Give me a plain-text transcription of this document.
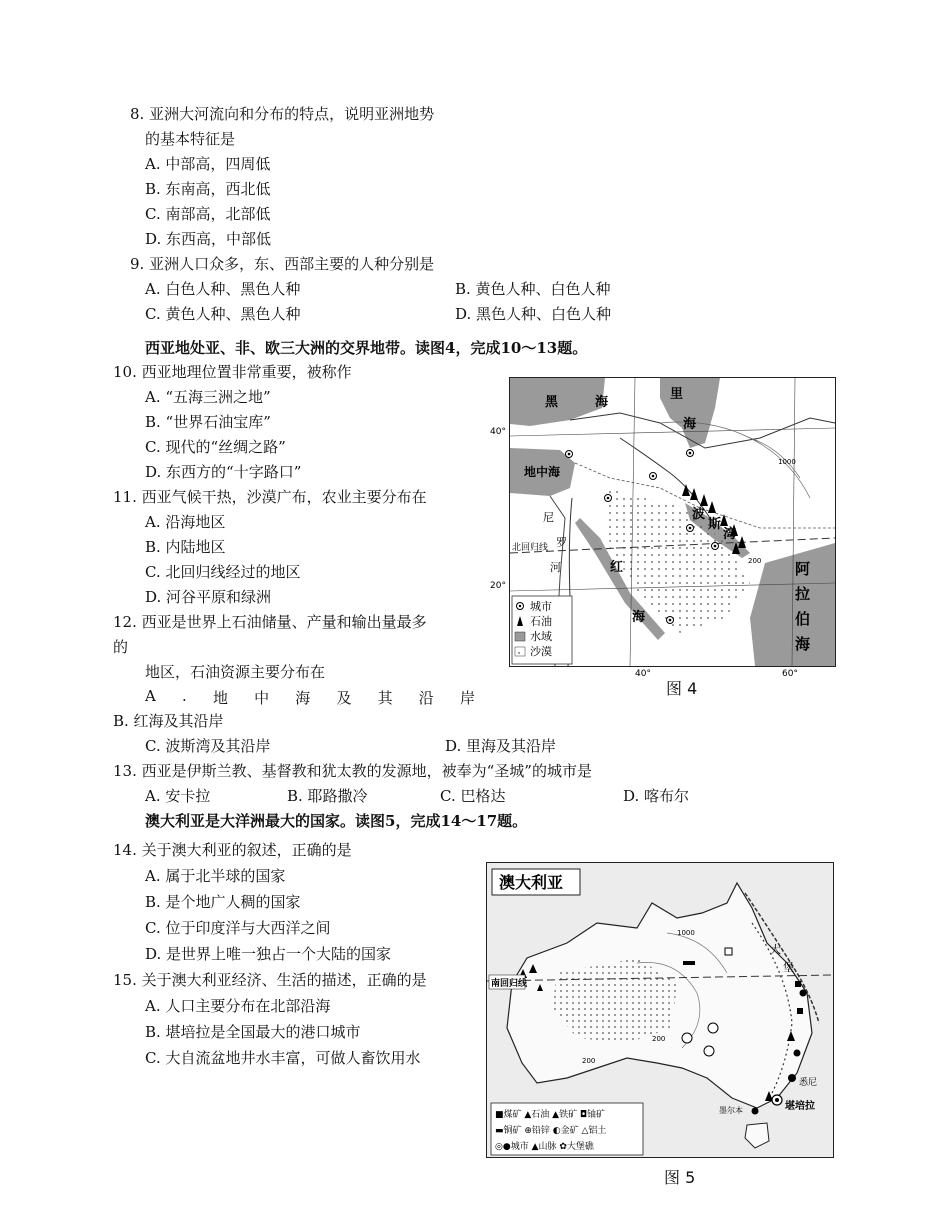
8. 亚洲大河流向和分布的特点，说明亚洲地势
的基本特征是
A. 中部高，四周低
B. 东南高，西北低
C. 南部高，北部低
D. 东西高，中部低
9. 亚洲人口众多，东、西部主要的人种分别是
A. 白色人种、黑色人种	B. 黄色人种、白色人种
C. 黄色人种、黑色人种	D. 黑色人种、白色人种
西亚地处亚、非、欧三大洲的交界地带。读图4，完成10～13题。
10. 西亚地理位置非常重要，被称作
A. “五海三洲之地”
B. “世界石油宝库”
C. 现代的“丝绸之路”
D. 东西方的“十字路口”
11. 西亚气候干热，沙漠广布，农业主要分布在
A. 沿海地区
B. 内陆地区
C. 北回归线经过的地区
D. 河谷平原和绿洲
12. 西亚是世界上石油储量、产量和输出量最多
的
地区，石油资源主要分布在
A . 地 中 海 及 其 沿 岸
B. 红海及其沿岸
C. 波斯湾及其沿岸	D. 里海及其沿岸
13. 西亚是伊斯兰教、基督教和犹太教的发源地，被奉为“圣城”的城市是
A. 安卡拉	B. 耶路撒冷	C. 巴格达	D. 喀布尔
澳大利亚是大洋洲最大的国家。读图5，完成14～17题。
14. 关于澳大利亚的叙述，正确的是
A. 属于北半球的国家
B. 是个地广人稠的国家
C. 位于印度洋与大西洋之间
D. 是世界上唯一独占一个大陆的国家
15. 关于澳大利亚经济、生活的描述，正确的是
A. 人口主要分布在北部沿海
B. 堪培拉是全国最大的港口城市
C. 大自流盆地井水丰富，可做人畜饮用水
黑	海
里
海
地中海
波
斯
湾
尼
罗
河	红
海
阿
拉
伯
海
北回归线
40°
20°
40°	60°
1000
200
城市
石油
水域
沙漠
图 4
澳大利亚
南回归线
悉尼
堪培拉
墨尔本
大
堡
200
200
1000
■煤矿 ▲石油 ▲铁矿 ◘铀矿
▬铜矿 ⊕铅锌 ◐金矿 △铝土
◎●城市 ▲山脉 ✿大堡礁
图 5
